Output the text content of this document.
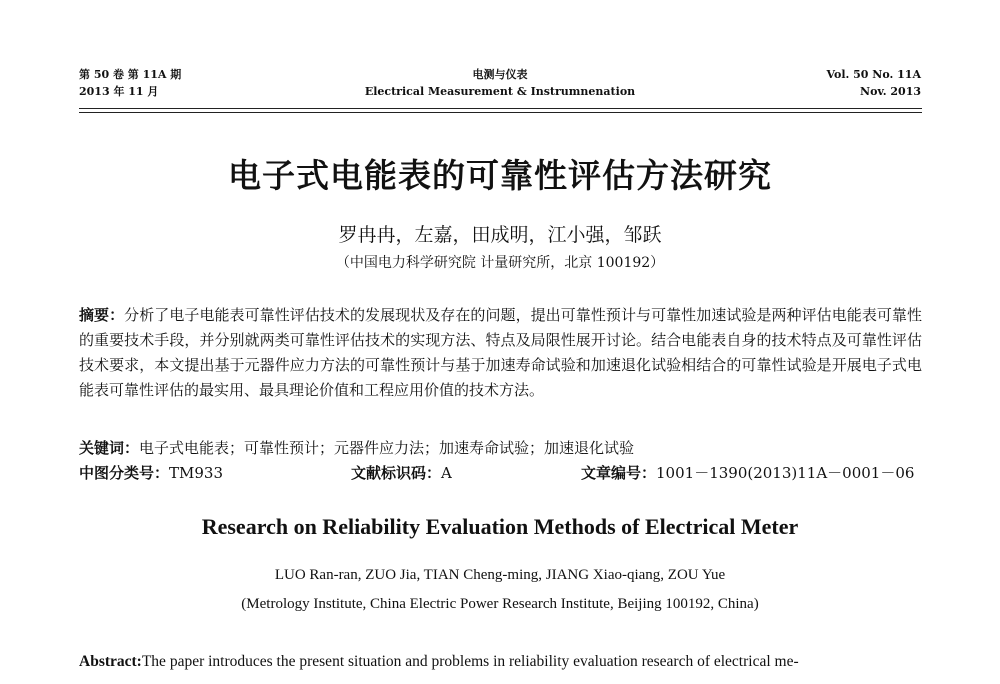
第 50 卷 第 11A 期
2013 年 11 月
电测与仪表
Electrical Measurement & Instrumnenation
Vol. 50 No. 11A
Nov. 2013
电子式电能表的可靠性评估方法研究
罗冉冉，左嘉，田成明，江小强，邹跃
（中国电力科学研究院 计量研究所，北京 100192）
摘要：分析了电子电能表可靠性评估技术的发展现状及存在的问题，提出可靠性预计与可靠性加速试验是两种评估电能表可靠性的重要技术手段，并分别就两类可靠性评估技术的实现方法、特点及局限性展开讨论。结合电能表自身的技术特点及可靠性评估技术要求，本文提出基于元器件应力方法的可靠性预计与基于加速寿命试验和加速退化试验相结合的可靠性试验是开展电子式电能表可靠性评估的最实用、最具理论价值和工程应用价值的技术方法。
关键词：电子式电能表；可靠性预计；元器件应力法；加速寿命试验；加速退化试验
中图分类号：TM933	文献标识码：A	文章编号：1001－1390(2013)11A－0001－06
Research on Reliability Evaluation Methods of Electrical Meter
LUO Ran-ran, ZUO Jia, TIAN Cheng-ming, JIANG Xiao-qiang, ZOU Yue
(Metrology Institute, China Electric Power Research Institute, Beijing 100192, China)
Abstract:The paper introduces the present situation and problems in reliability evaluation research of electrical me-
